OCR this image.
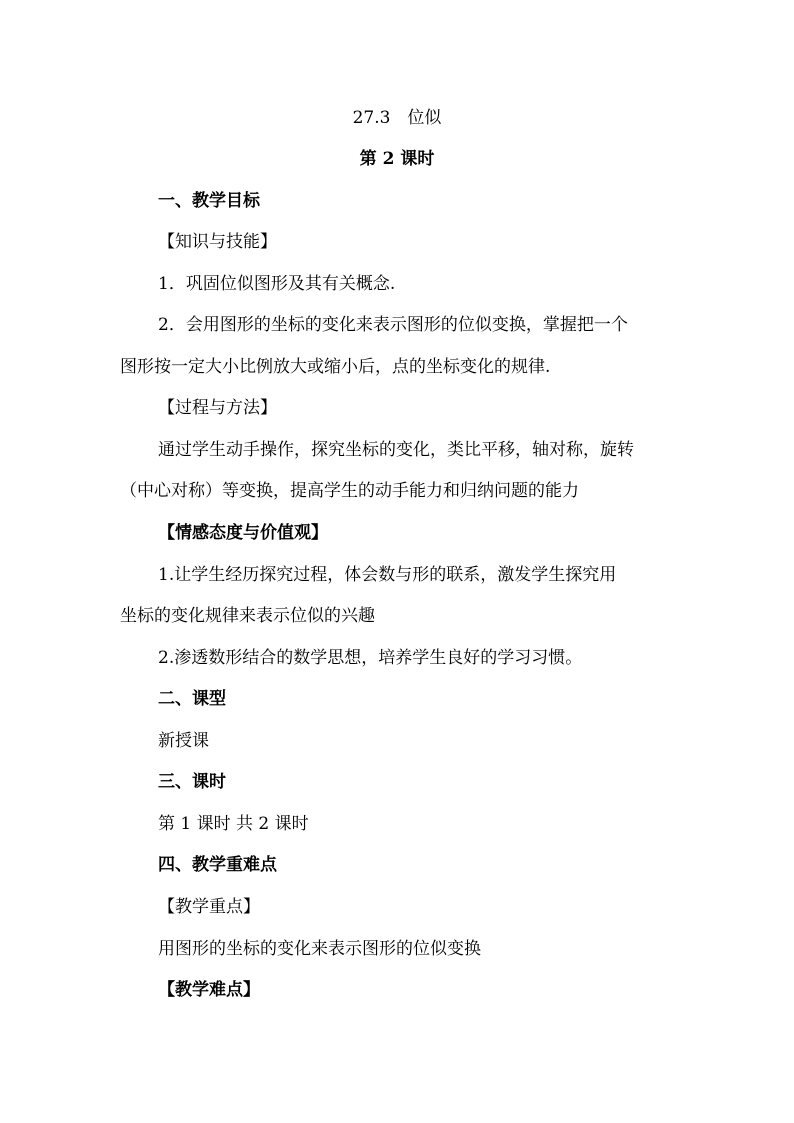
27.3　位似
第 2 课时
一、教学目标
【知识与技能】
1．巩固位似图形及其有关概念.
2．会用图形的坐标的变化来表示图形的位似变换，掌握把一个
图形按一定大小比例放大或缩小后，点的坐标变化的规律.
【过程与方法】
通过学生动手操作，探究坐标的变化，类比平移，轴对称，旋转
（中心对称）等变换，提高学生的动手能力和归纳问题的能力
【情感态度与价值观】
1.让学生经历探究过程，体会数与形的联系，激发学生探究用
坐标的变化规律来表示位似的兴趣
2.渗透数形结合的数学思想，培养学生良好的学习习惯。
二、课型
新授课
三、课时
第 1 课时 共 2 课时
四、教学重难点
【教学重点】
用图形的坐标的变化来表示图形的位似变换
【教学难点】
